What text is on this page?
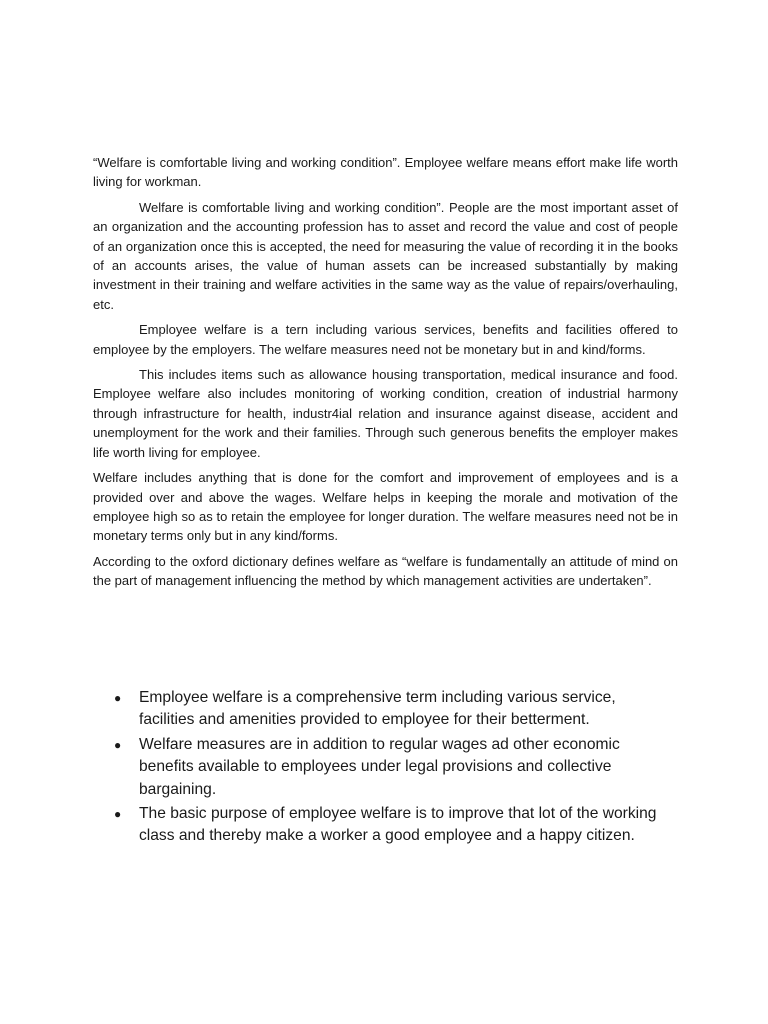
“Welfare is comfortable living and working condition”. Employee welfare means effort make life worth living for workman.

Welfare is comfortable living and working condition”. People are the most important asset of an organization and the accounting profession has to asset and record the value and cost of people of an organization once this is accepted, the need for measuring the value of recording it in the books of an accounts arises, the value of human assets can be increased substantially by making investment in their training and welfare activities in the same way as the value of repairs/overhauling, etc.

Employee welfare is a tern including various services, benefits and facilities offered to employee by the employers. The welfare measures need not be monetary but in and kind/forms.

This includes items such as allowance housing transportation, medical insurance and food. Employee welfare also includes monitoring of working condition, creation of industrial harmony through infrastructure for health, industr4ial relation and insurance against disease, accident and unemployment for the work and their families. Through such generous benefits the employer makes life worth living for employee.

Welfare includes anything that is done for the comfort and improvement of employees and is a provided over and above the wages. Welfare helps in keeping the morale and motivation of the employee high so as to retain the employee for longer duration. The welfare measures need not be in monetary terms only but in any kind/forms.

According to the oxford dictionary defines welfare as “welfare is fundamentally an attitude of mind on the part of management influencing the method by which management activities are undertaken”.

● Employee welfare is a comprehensive term including various service, facilities and amenities provided to employee for their betterment.
● Welfare measures are in addition to regular wages ad other economic benefits available to employees under legal provisions and collective bargaining.
● The basic purpose of employee welfare is to improve that lot of the working class and thereby make a worker a good employee and a happy citizen.
